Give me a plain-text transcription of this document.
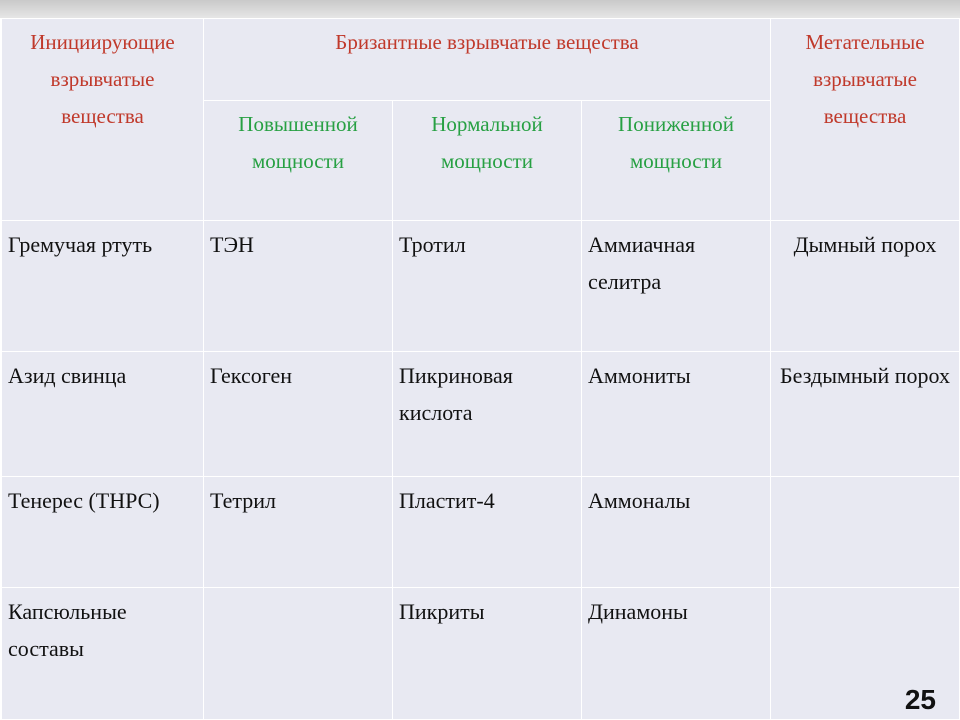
Инициирующие взрывчатые вещества	Бризантные взрывчатые вещества			Метательные взрывчатые вещества
	Повышенной мощности	Нормальной мощности	Пониженной мощности	
Гремучая ртуть	ТЭН	Тротил	Аммиачная селитра	Дымный порох
Азид свинца	Гексоген	Пикриновая кислота	Аммониты	Бездымный порох
Тенерес (ТНРС)	Тетрил	Пластит-4	Аммоналы	
Капсюльные составы		Пикриты	Динамоны	
25
